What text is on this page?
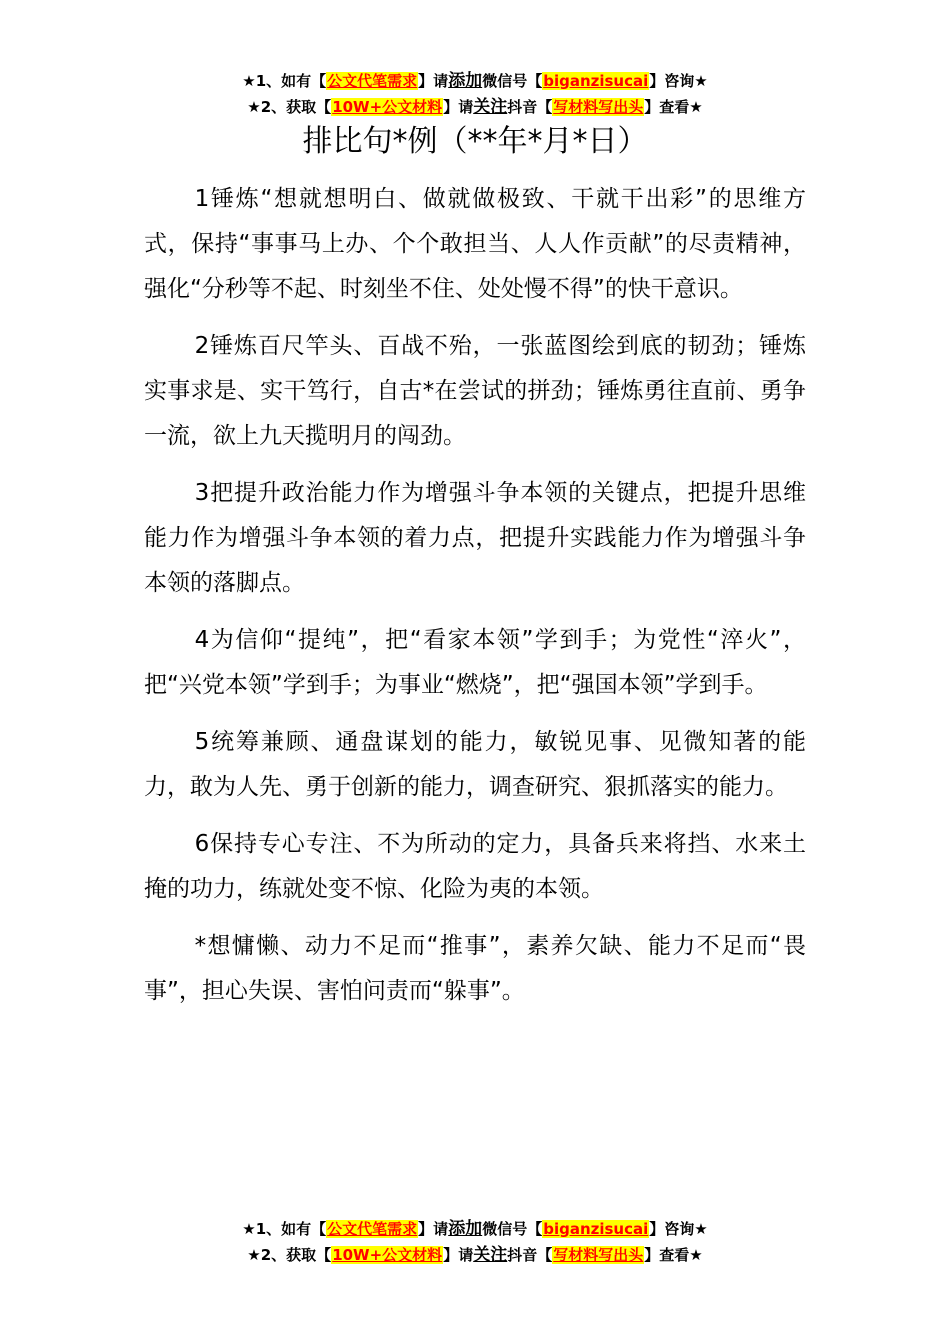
★1、如有【公文代笔需求】请添加微信号【biganzisucai】咨询★
★2、获取【10W+公文材料】请关注抖音【写材料写出头】查看★
排比句*例（**年*月*日）

1锤炼“想就想明白、做就做极致、干就干出彩”的思维方式，保持“事事马上办、个个敢担当、人人作贡献”的尽责精神，强化“分秒等不起、时刻坐不住、处处慢不得”的快干意识。

2锤炼百尺竿头、百战不殆，一张蓝图绘到底的韧劲；锤炼实事求是、实干笃行，自古*在尝试的拼劲；锤炼勇往直前、勇争一流，欲上九天揽明月的闯劲。

3把提升政治能力作为增强斗争本领的关键点，把提升思维能力作为增强斗争本领的着力点，把提升实践能力作为增强斗争本领的落脚点。

4为信仰“提纯”，把“看家本领”学到手；为党性“淬火”，把“兴党本领”学到手；为事业“燃烧”，把“强国本领”学到手。

5统筹兼顾、通盘谋划的能力，敏锐见事、见微知著的能力，敢为人先、勇于创新的能力，调查研究、狠抓落实的能力。

6保持专心专注、不为所动的定力，具备兵来将挡、水来土掩的功力，练就处变不惊、化险为夷的本领。

*想慵懒、动力不足而“推事”，素养欠缺、能力不足而“畏事”，担心失误、害怕问责而“躲事”。

★1、如有【公文代笔需求】请添加微信号【biganzisucai】咨询★
★2、获取【10W+公文材料】请关注抖音【写材料写出头】查看★
